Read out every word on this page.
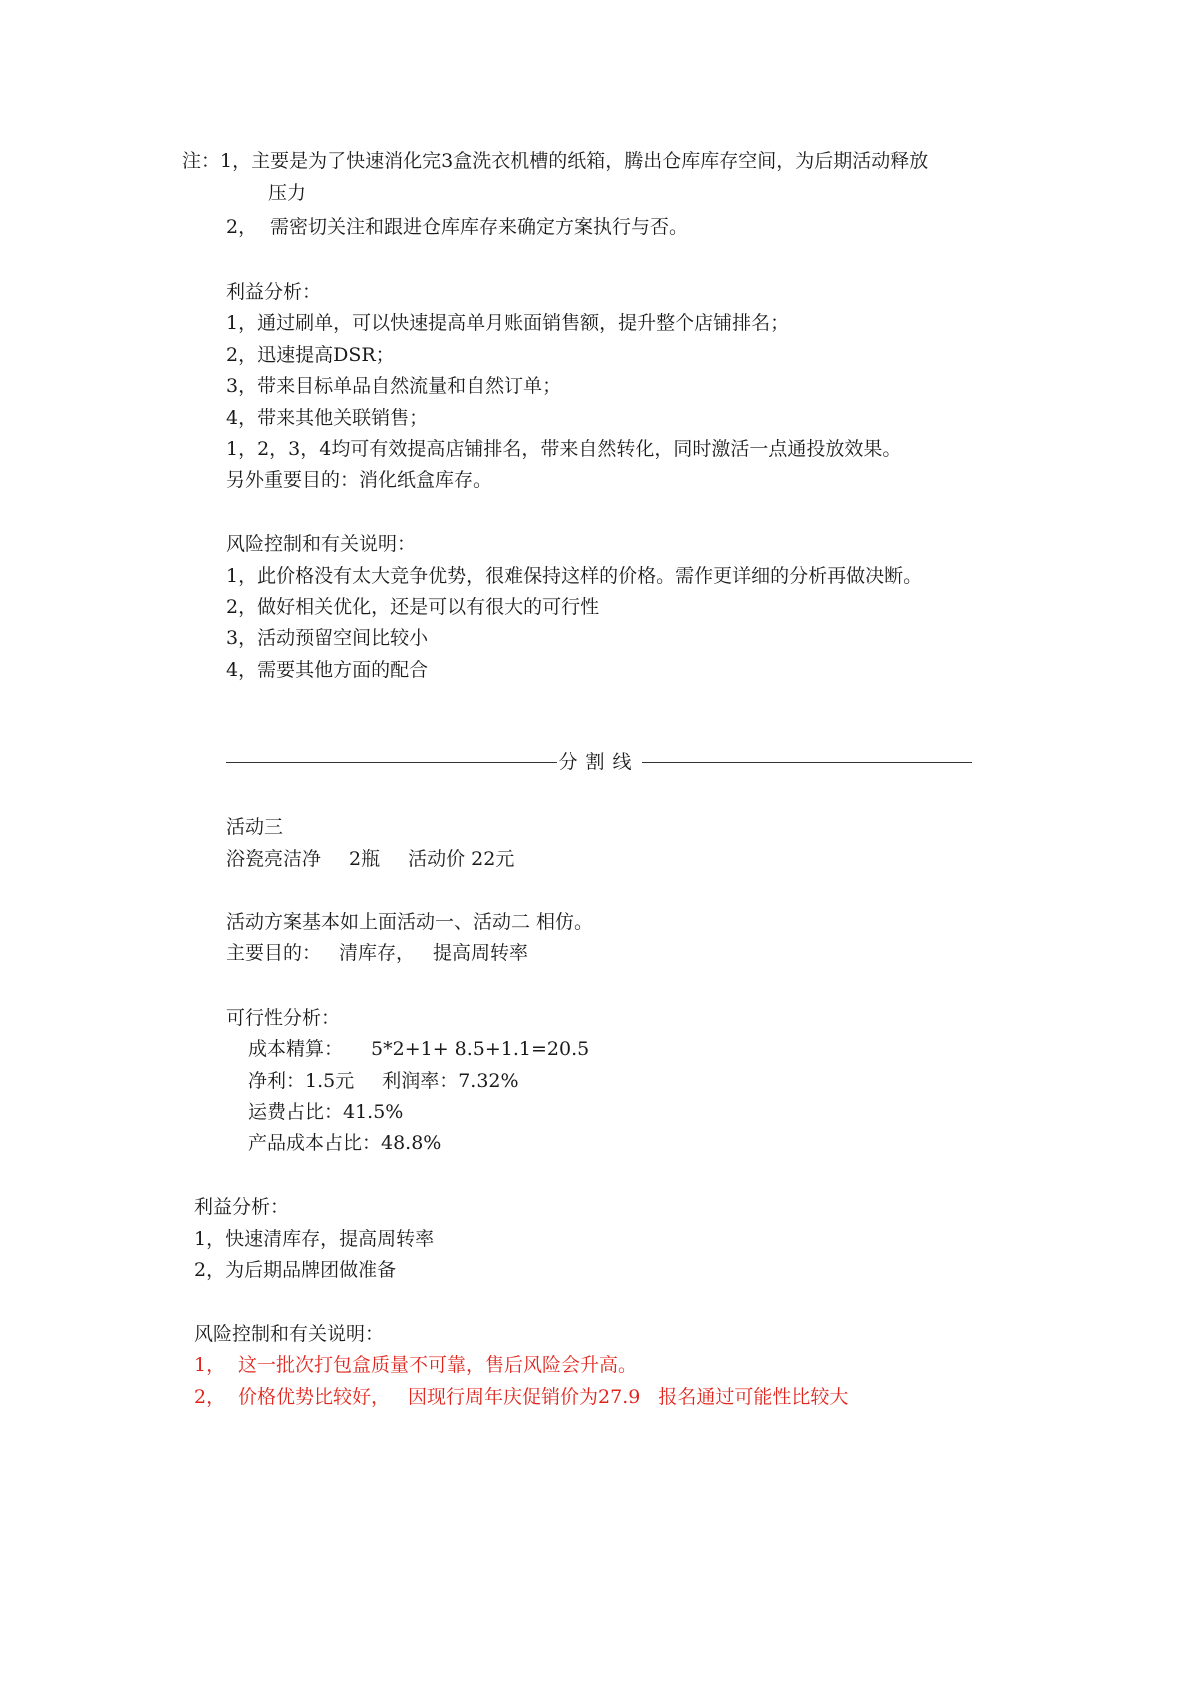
注：1，主要是为了快速消化完3盒洗衣机槽的纸箱，腾出仓库库存空间，为后期活动释放
压力
2， 需密切关注和跟进仓库库存来确定方案执行与否。
利益分析：
1，通过刷单，可以快速提高单月账面销售额，提升整个店铺排名；
2，迅速提高DSR；
3，带来目标单品自然流量和自然订单；
4，带来其他关联销售；
1，2，3，4均可有效提高店铺排名，带来自然转化，同时激活一点通投放效果。
另外重要目的：消化纸盒库存。
风险控制和有关说明：
1，此价格没有太大竞争优势，很难保持这样的价格。需作更详细的分析再做决断。
2，做好相关优化，还是可以有很大的可行性
3，活动预留空间比较小
4，需要其他方面的配合
分割线
活动三
浴瓷亮洁净 2瓶 活动价 22元
活动方案基本如上面活动一、活动二 相仿。
主要目的： 清库存， 提高周转率
可行性分析：
成本精算： 5*2+1+ 8.5+1.1=20.5
净利：1.5元 利润率：7.32%
运费占比：41.5%
产品成本占比：48.8%
利益分析：
1，快速清库存，提高周转率
2，为后期品牌团做准备
风险控制和有关说明：
1， 这一批次打包盒质量不可靠，售后风险会升高。
2， 价格优势比较好， 因现行周年庆促销价为27.9 报名通过可能性比较大
